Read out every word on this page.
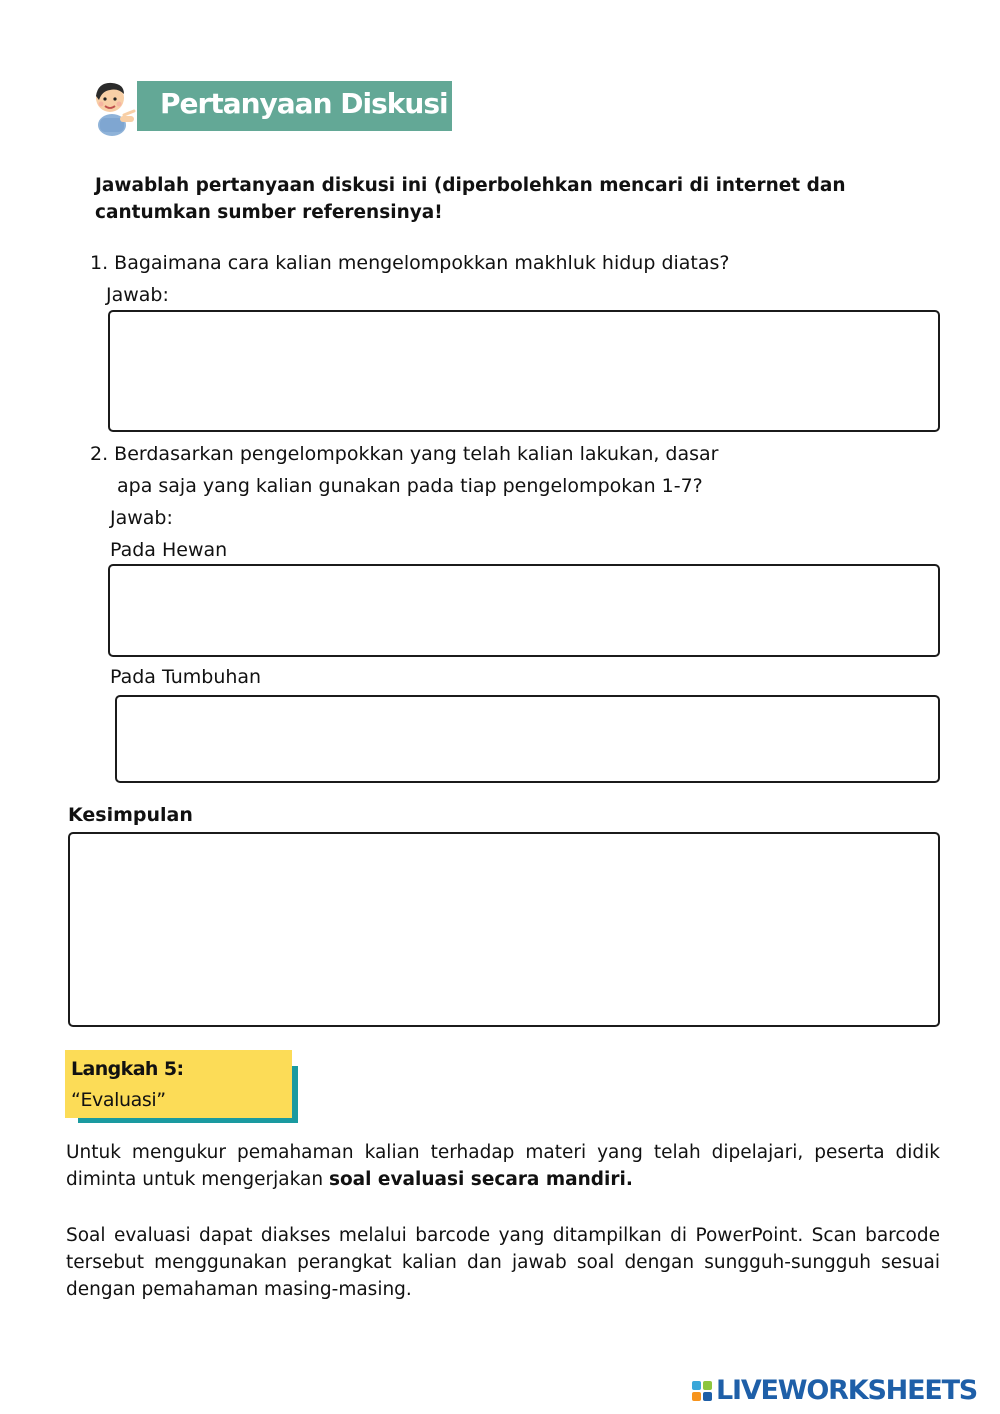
Pertanyaan Diskusi
Jawablah pertanyaan diskusi ini (diperbolehkan mencari di internet dan cantumkan sumber referensinya!
1. Bagaimana cara kalian mengelompokkan makhluk hidup diatas?
Jawab:
2. Berdasarkan pengelompokkan yang telah kalian lakukan, dasar
apa saja yang kalian gunakan pada tiap pengelompokan 1-7?
Jawab:
Pada Hewan
Pada Tumbuhan
Kesimpulan
Langkah 5:
“Evaluasi”
Untuk mengukur pemahaman kalian terhadap materi yang telah dipelajari, peserta didik diminta untuk mengerjakan soal evaluasi secara mandiri.
Soal evaluasi dapat diakses melalui barcode yang ditampilkan di PowerPoint. Scan barcode tersebut menggunakan perangkat kalian dan jawab soal dengan sungguh-sungguh sesuai dengan pemahaman masing-masing.
LIVEWORKSHEETS
